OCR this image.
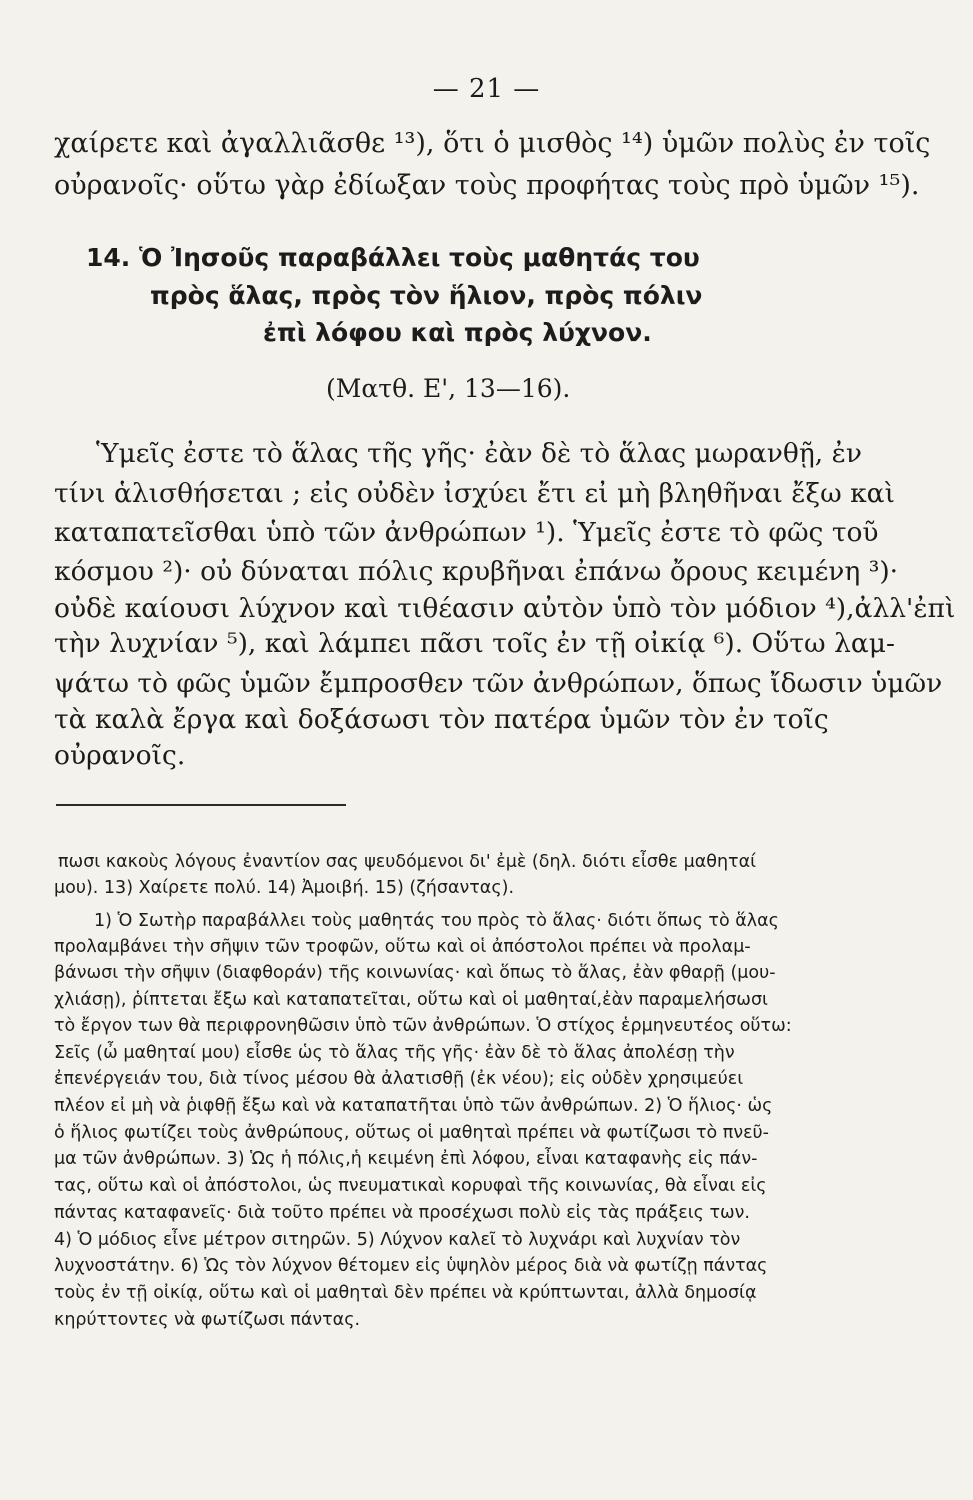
— 21 —
χαίρετε καὶ ἀγαλλιᾶσθε ¹³), ὅτι ὁ μισθὸς ¹⁴) ὑμῶν πολὺς ἐν τοῖς
οὐρανοῖς· οὕτω γὰρ ἐδίωξαν τοὺς προφήτας τοὺς πρὸ ὑμῶν ¹⁵).
14. Ὁ Ἰησοῦς παραβάλλει τοὺς μαθητάς του
πρὸς ἅλας, πρὸς τὸν ἥλιον, πρὸς πόλιν
ἐπὶ λόφου καὶ πρὸς λύχνον.
(Ματθ. Ε', 13—16).
Ὑμεῖς ἐστε τὸ ἅλας τῆς γῆς· ἐὰν δὲ τὸ ἅλας μωρανθῇ, ἐν
τίνι ἁλισθήσεται ; εἰς οὐδὲν ἰσχύει ἔτι εἰ μὴ βληθῆναι ἔξω καὶ
καταπατεῖσθαι ὑπὸ τῶν ἀνθρώπων ¹). Ὑμεῖς ἐστε τὸ φῶς τοῦ
κόσμου ²)· οὐ δύναται πόλις κρυβῆναι ἐπάνω ὄρους κειμένη ³)·
οὐδὲ καίουσι λύχνον καὶ τιθέασιν αὐτὸν ὑπὸ τὸν μόδιον ⁴),ἀλλ'ἐπὶ
τὴν λυχνίαν ⁵), καὶ λάμπει πᾶσι τοῖς ἐν τῇ οἰκίᾳ ⁶). Οὕτω λαμ-
ψάτω τὸ φῶς ὑμῶν ἔμπροσθεν τῶν ἀνθρώπων, ὅπως ἴδωσιν ὑμῶν
τὰ καλὰ ἔργα καὶ δοξάσωσι τὸν πατέρα ὑμῶν τὸν ἐν τοῖς
οὐρανοῖς.
πωσι κακοὺς λόγους ἐναντίον σας ψευδόμενοι δι' ἐμὲ (δηλ. διότι εἶσθε μαθηταί
μου). 13) Χαίρετε πολύ. 14) Ἀμοιβή. 15) (ζήσαντας).
1) Ὁ Σωτὴρ παραβάλλει τοὺς μαθητάς του πρὸς τὸ ἅλας· διότι ὅπως τὸ ἅλας
προλαμβάνει τὴν σῆψιν τῶν τροφῶν, οὕτω καὶ οἱ ἀπόστολοι πρέπει νὰ προλαμ-
βάνωσι τὴν σῆψιν (διαφθοράν) τῆς κοινωνίας· καὶ ὅπως τὸ ἅλας, ἐὰν φθαρῇ (μου-
χλιάσῃ), ῥίπτεται ἔξω καὶ καταπατεῖται, οὕτω καὶ οἱ μαθηταί,ἐὰν παραμελήσωσι
τὸ ἔργον των θὰ περιφρονηθῶσιν ὑπὸ τῶν ἀνθρώπων. Ὁ στίχος ἑρμηνευτέος οὕτω:
Σεῖς (ὦ μαθηταί μου) εἶσθε ὡς τὸ ἅλας τῆς γῆς· ἐὰν δὲ τὸ ἅλας ἀπολέσῃ τὴν
ἐπενέργειάν του, διὰ τίνος μέσου θὰ ἀλατισθῇ (ἐκ νέου); εἰς οὐδὲν χρησιμεύει
πλέον εἰ μὴ νὰ ῥιφθῇ ἔξω καὶ νὰ καταπατῆται ὑπὸ τῶν ἀνθρώπων. 2) Ὁ ἥλιος· ὡς
ὁ ἥλιος φωτίζει τοὺς ἀνθρώπους, οὕτως οἱ μαθηταὶ πρέπει νὰ φωτίζωσι τὸ πνεῦ-
μα τῶν ἀνθρώπων. 3) Ὡς ἡ πόλις,ἡ κειμένη ἐπὶ λόφου, εἶναι καταφανὴς εἰς πάν-
τας, οὕτω καὶ οἱ ἀπόστολοι, ὡς πνευματικαὶ κορυφαὶ τῆς κοινωνίας, θὰ εἶναι εἰς
πάντας καταφανεῖς· διὰ τοῦτο πρέπει νὰ προσέχωσι πολὺ εἰς τὰς πράξεις των.
4) Ὁ μόδιος εἶνε μέτρον σιτηρῶν. 5) Λύχνον καλεῖ τὸ λυχνάρι καὶ λυχνίαν τὸν
λυχνοστάτην. 6) Ὡς τὸν λύχνον θέτομεν εἰς ὑψηλὸν μέρος διὰ νὰ φωτίζῃ πάντας
τοὺς ἐν τῇ οἰκίᾳ, οὕτω καὶ οἱ μαθηταὶ δὲν πρέπει νὰ κρύπτωνται, ἀλλὰ δημοσίᾳ
κηρύττοντες νὰ φωτίζωσι πάντας.
